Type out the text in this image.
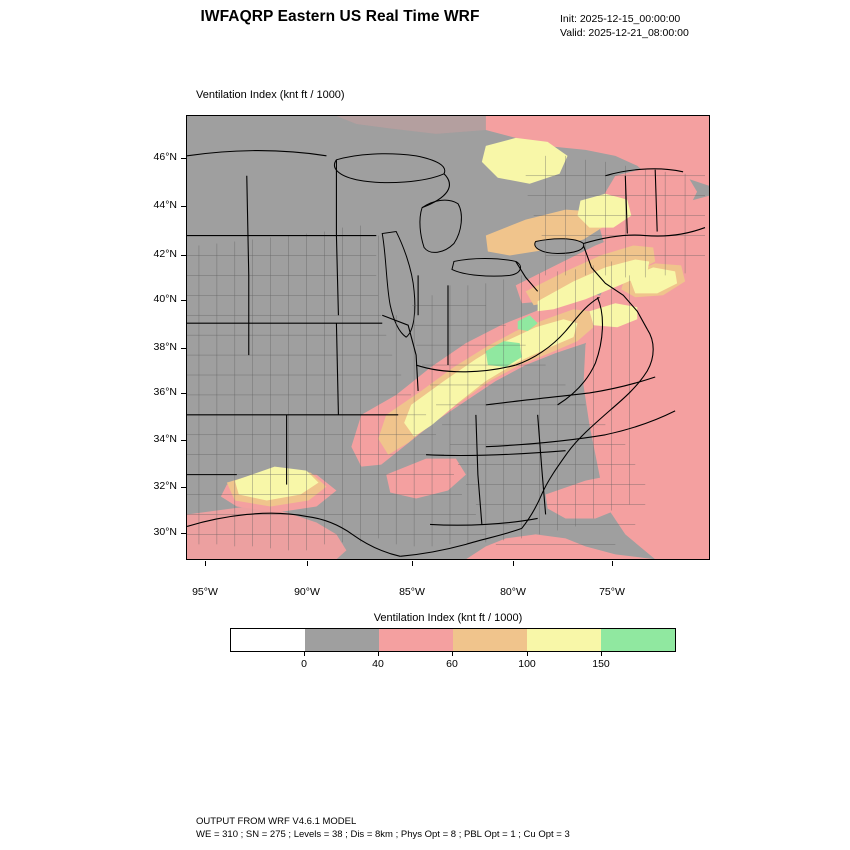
IWFAQRP Eastern US Real Time WRF	Init: 2025-12-15_00:00:00
Valid: 2025-12-21_08:00:00
Ventilation Index (knt ft / 1000)
46°N
44°N
42°N
40°N
38°N
36°N
34°N
32°N
30°N
95°W	90°W	85°W	80°W	75°W
Ventilation Index (knt ft / 1000)
0	40	60	100	150
OUTPUT FROM WRF V4.6.1 MODEL
WE = 310 ; SN = 275 ; Levels = 38 ; Dis = 8km ; Phys Opt = 8 ; PBL Opt = 1 ; Cu Opt = 3
